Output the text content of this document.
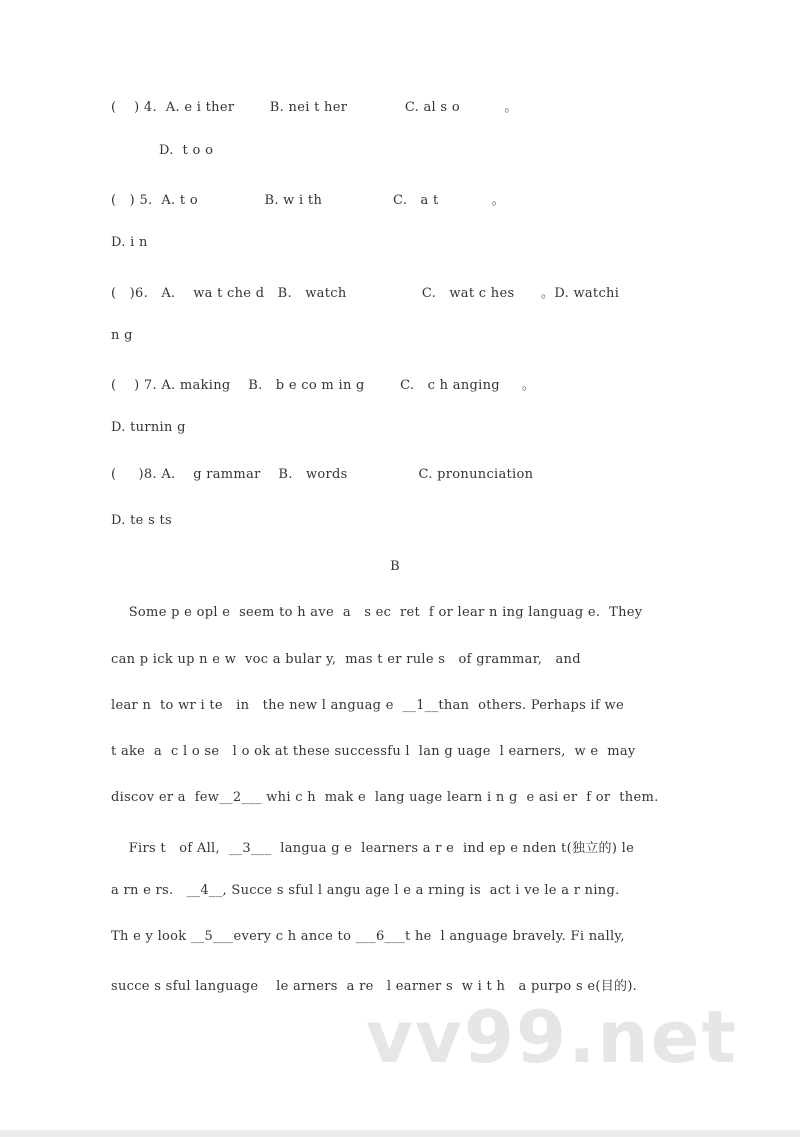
(    ) 4.  A. e i ther        B. nei t her             C. al s o          。
D.  t o o
(   ) 5.  A. t o               B. w i th                C.   a t            。
D. i n
(   )6.   A.    wa t che d   B.   watch                 C.   wat c hes      。D. watchi
n g
(    ) 7. A. making    B.   b e co m in g        C.   c h anging     。
D. turnin g
(     )8. A.    g rammar    B.   words                C. pronunciation
D. te s ts
B
Some p e opl e  seem to h ave  a   s ec  ret  f or lear n ing languag e.  They
can p ick up n e w  voc a bular y,  mas t er rule s   of grammar,   and
lear n  to wr i te   in   the new l anguag e  __1__than  others. Perhaps if we
t ake  a  c l o se   l o ok at these successfu l  lan g uage  l earners,  w e  may
discov er a  few__2___ whi c h  mak e  lang uage learn i n g  e asi er  f or  them.
Firs t   of All,  __3___  langua g e  learners a r e  ind ep e nden t(独立的) le
a rn e rs.   __4__, Succe s sful l angu age l e a rning is  act i ve le a r ning.
Th e y look __5___every c h ance to ___6___t he  l anguage bravely. Fi nally,
succe s sful language    le arners  a re   l earner s  w i t h   a purpo s e(目的).
vv99.net
